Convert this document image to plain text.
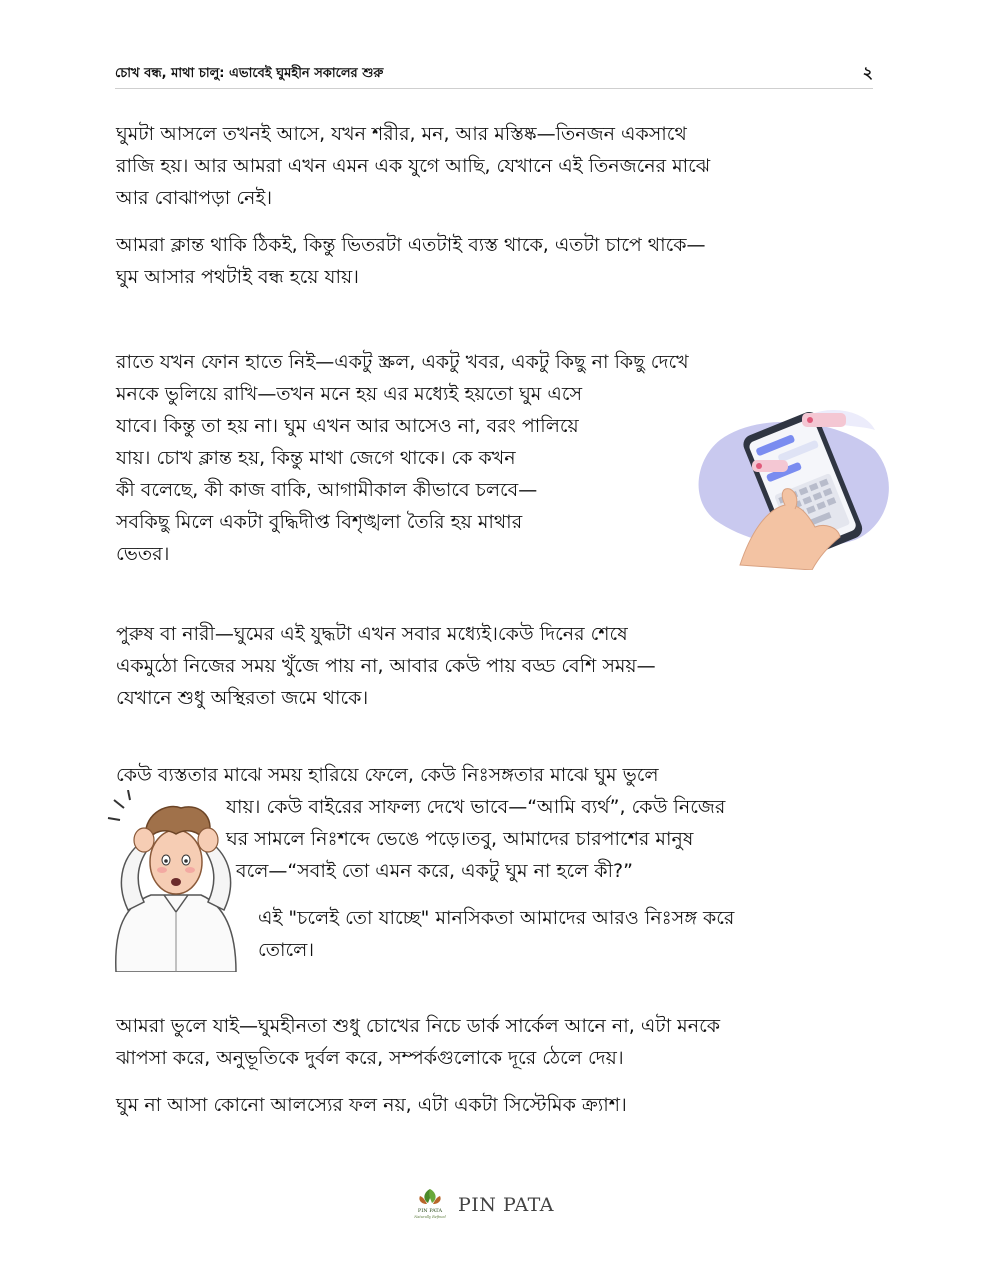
চোখ বন্ধ, মাথা চালু: এভাবেই ঘুমহীন সকালের শুরু	২

ঘুমটা আসলে তখনই আসে, যখন শরীর, মন, আর মস্তিষ্ক—তিনজন একসাথে
রাজি হয়। আর আমরা এখন এমন এক যুগে আছি, যেখানে এই তিনজনের মাঝে
আর বোঝাপড়া নেই।

আমরা ক্লান্ত থাকি ঠিকই, কিন্তু ভিতরটা এতটাই ব্যস্ত থাকে, এতটা চাপে থাকে—
ঘুম আসার পথটাই বন্ধ হয়ে যায়।

রাতে যখন ফোন হাতে নিই—একটু স্ক্রল, একটু খবর, একটু কিছু না কিছু দেখে
মনকে ভুলিয়ে রাখি—তখন মনে হয় এর মধ্যেই হয়তো ঘুম এসে
যাবে। কিন্তু তা হয় না। ঘুম এখন আর আসেও না, বরং পালিয়ে
যায়। চোখ ক্লান্ত হয়, কিন্তু মাথা জেগে থাকে। কে কখন
কী বলেছে, কী কাজ বাকি, আগামীকাল কীভাবে চলবে—
সবকিছু মিলে একটা বুদ্ধিদীপ্ত বিশৃঙ্খলা তৈরি হয় মাথার
ভেতর।

পুরুষ বা নারী—ঘুমের এই যুদ্ধটা এখন সবার মধ্যেই।কেউ দিনের শেষে
একমুঠো নিজের সময় খুঁজে পায় না, আবার কেউ পায় বড্ড বেশি সময়—
যেখানে শুধু অস্থিরতা জমে থাকে।

কেউ ব্যস্ততার মাঝে সময় হারিয়ে ফেলে, কেউ নিঃসঙ্গতার মাঝে ঘুম ভুলে

যায়। কেউ বাইরের সাফল্য দেখে ভাবে—“আমি ব্যর্থ”, কেউ নিজের
ঘর সামলে নিঃশব্দে ভেঙে পড়ে।তবু, আমাদের চারপাশের মানুষ
বলে—“সবাই তো এমন করে, একটু ঘুম না হলে কী?”

এই "চলেই তো যাচ্ছে" মানসিকতা আমাদের আরও নিঃসঙ্গ করে
তোলে।

আমরা ভুলে যাই—ঘুমহীনতা শুধু চোখের নিচে ডার্ক সার্কেল আনে না, এটা মনকে
ঝাপসা করে, অনুভূতিকে দুর্বল করে, সম্পর্কগুলোকে দূরে ঠেলে দেয়।

ঘুম না আসা কোনো আলস্যের ফল নয়, এটা একটা সিস্টেমিক ক্র্যাশ।

PIN PATA
Naturally Refined
PIN PATA
